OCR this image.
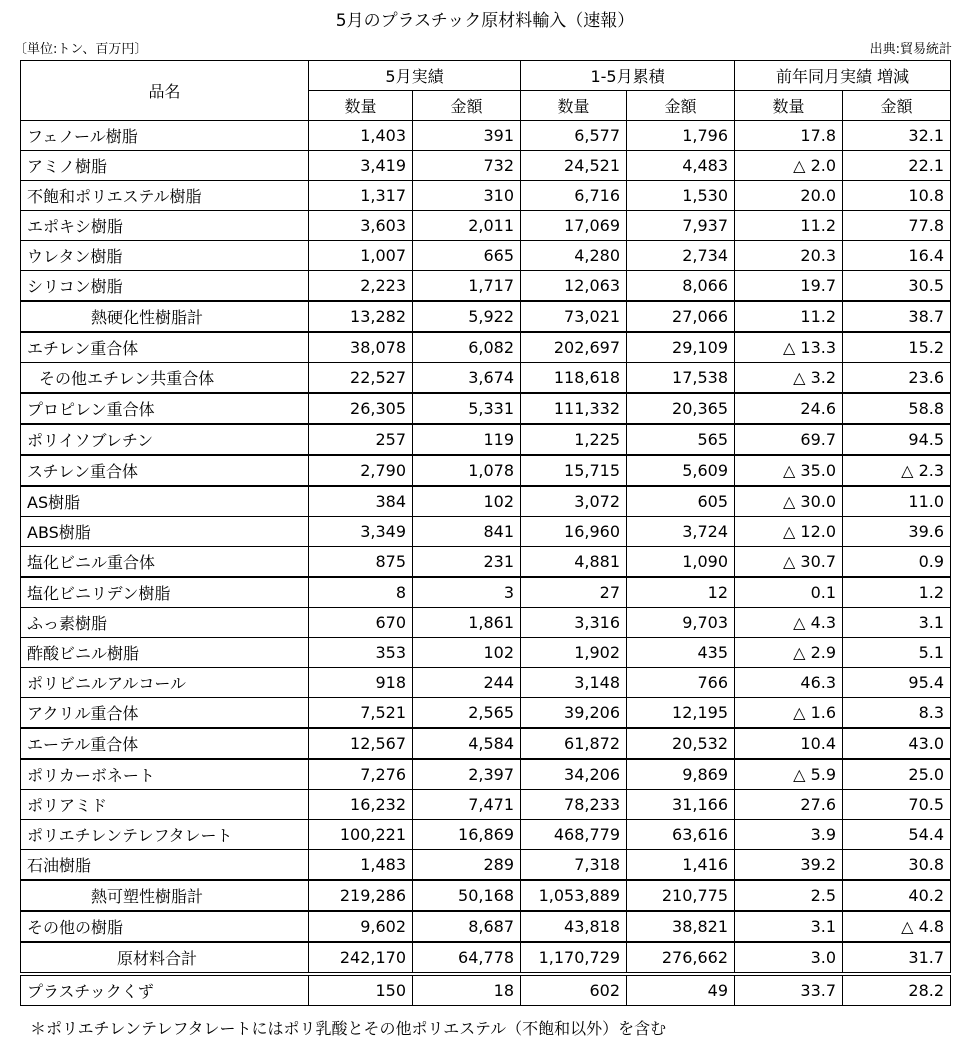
5月のプラスチック原材料輸入（速報）
〔単位:トン、百万円〕	出典:貿易統計
品名	5月実績		1-5月累積		前年同月実績 増減	
	数量	金額	数量	金額	数量	金額
フェノール樹脂	1,403	391	6,577	1,796	17.8	32.1
アミノ樹脂	3,419	732	24,521	4,483	△ 2.0	22.1
不飽和ポリエステル樹脂	1,317	310	6,716	1,530	20.0	10.8
エポキシ樹脂	3,603	2,011	17,069	7,937	11.2	77.8
ウレタン樹脂	1,007	665	4,280	2,734	20.3	16.4
シリコン樹脂	2,223	1,717	12,063	8,066	19.7	30.5
熱硬化性樹脂計	13,282	5,922	73,021	27,066	11.2	38.7
エチレン重合体	38,078	6,082	202,697	29,109	△ 13.3	15.2
その他エチレン共重合体	22,527	3,674	118,618	17,538	△ 3.2	23.6
プロピレン重合体	26,305	5,331	111,332	20,365	24.6	58.8
ポリイソブレチン	257	119	1,225	565	69.7	94.5
スチレン重合体	2,790	1,078	15,715	5,609	△ 35.0	△ 2.3
AS樹脂	384	102	3,072	605	△ 30.0	11.0
ABS樹脂	3,349	841	16,960	3,724	△ 12.0	39.6
塩化ビニル重合体	875	231	4,881	1,090	△ 30.7	0.9
塩化ビニリデン樹脂	8	3	27	12	0.1	1.2
ふっ素樹脂	670	1,861	3,316	9,703	△ 4.3	3.1
酢酸ビニル樹脂	353	102	1,902	435	△ 2.9	5.1
ポリビニルアルコール	918	244	3,148	766	46.3	95.4
アクリル重合体	7,521	2,565	39,206	12,195	△ 1.6	8.3
エーテル重合体	12,567	4,584	61,872	20,532	10.4	43.0
ポリカーボネート	7,276	2,397	34,206	9,869	△ 5.9	25.0
ポリアミド	16,232	7,471	78,233	31,166	27.6	70.5
ポリエチレンテレフタレート	100,221	16,869	468,779	63,616	3.9	54.4
石油樹脂	1,483	289	7,318	1,416	39.2	30.8
熱可塑性樹脂計	219,286	50,168	1,053,889	210,775	2.5	40.2
その他の樹脂	9,602	8,687	43,818	38,821	3.1	△ 4.8
原材料合計	242,170	64,778	1,170,729	276,662	3.0	31.7
プラスチックくず	150	18	602	49	33.7	28.2
＊ポリエチレンテレフタレートにはポリ乳酸とその他ポリエステル（不飽和以外）を含む
